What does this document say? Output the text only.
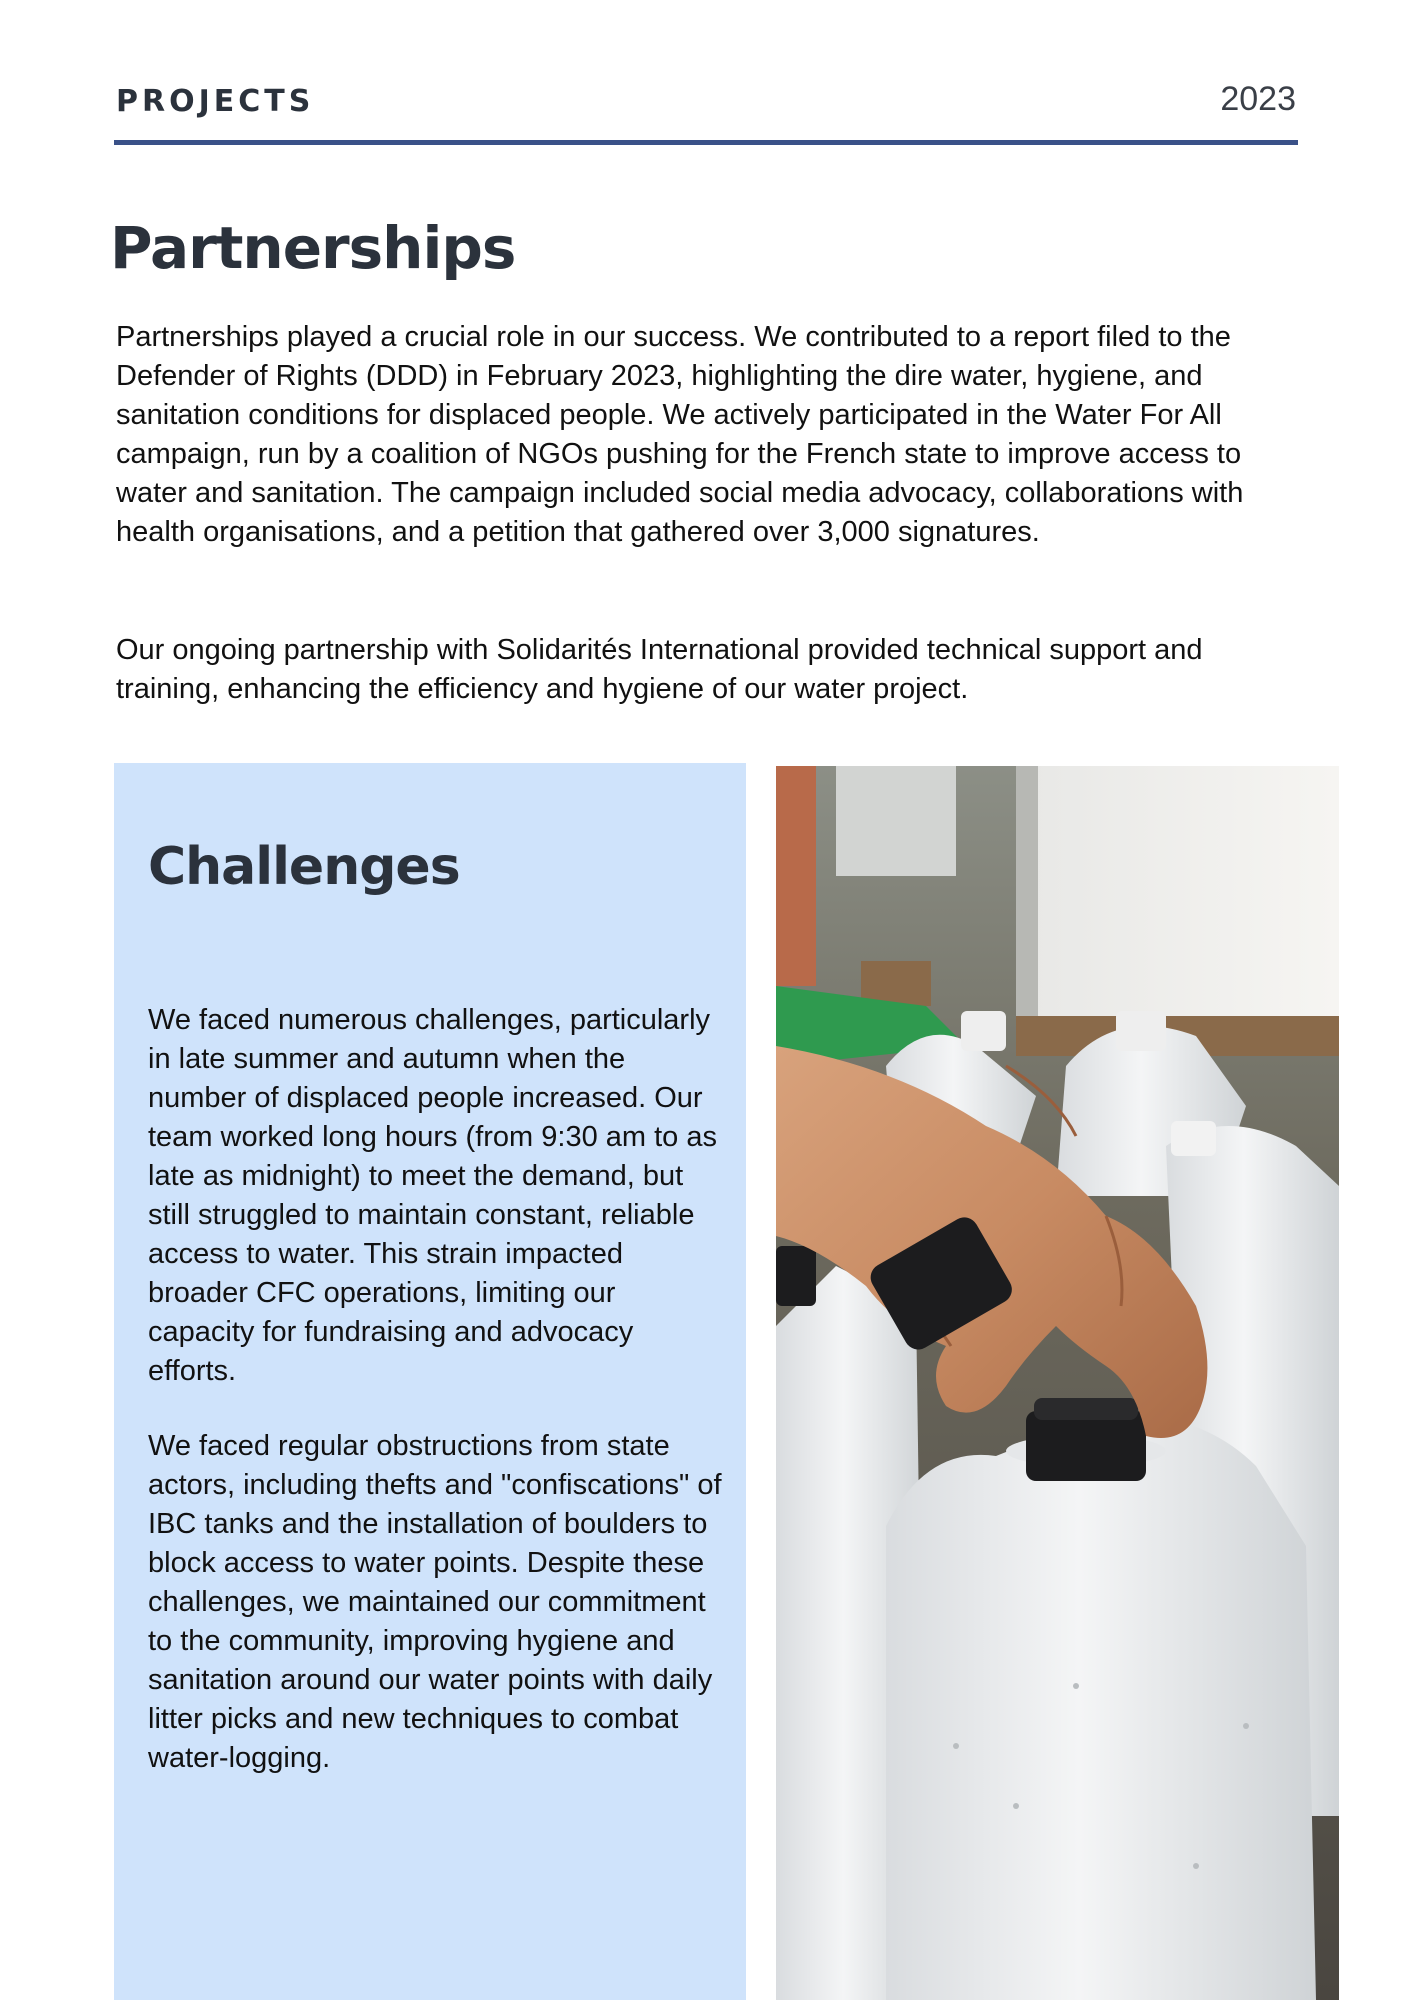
PROJECTS	2023
Partnerships

Partnerships played a crucial role in our success. We contributed to a report filed to the Defender of Rights (DDD) in February 2023, highlighting the dire water, hygiene, and sanitation conditions for displaced people. We actively participated in the Water For All campaign, run by a coalition of NGOs pushing for the French state to improve access to water and sanitation. The campaign included social media advocacy, collaborations with health organisations, and a petition that gathered over 3,000 signatures.

Our ongoing partnership with Solidarités International provided technical support and training, enhancing the efficiency and hygiene of our water project.

Challenges

We faced numerous challenges, particularly in late summer and autumn when the number of displaced people increased. Our team worked long hours (from 9:30 am to as late as midnight) to meet the demand, but still struggled to maintain constant, reliable access to water. This strain impacted broader CFC operations, limiting our capacity for fundraising and advocacy efforts.

We faced regular obstructions from state actors, including thefts and "confiscations" of IBC tanks and the installation of boulders to block access to water points. Despite these challenges, we maintained our commitment to the community, improving hygiene and sanitation around our water points with daily litter picks and new techniques to combat water-logging.
